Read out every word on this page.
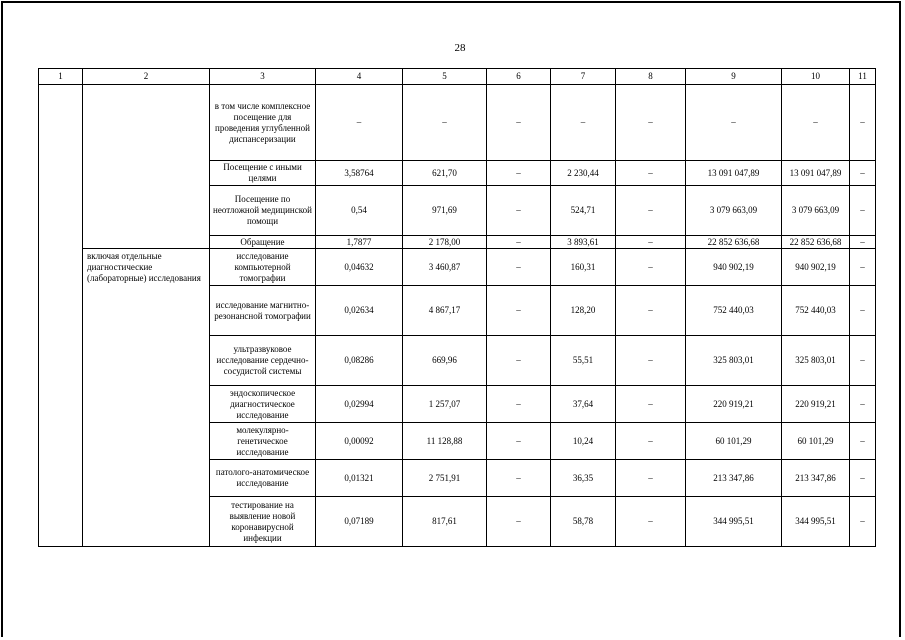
28
1	2	3	4	5	6	7	8	9	10	11
		в том числе комплексное посещение для проведения углубленной диспансеризации	–	–	–	–	–	–	–	–
		Посещение с иными целями	3,58764	621,70	–	2 230,44	–	13 091 047,89	13 091 047,89	–
		Посещение по неотложной медицинской помощи	0,54	971,69	–	524,71	–	3 079 663,09	3 079 663,09	–
		Обращение	1,7877	2 178,00	–	3 893,61	–	22 852 636,68	22 852 636,68	–
	включая отдельные диагностические (лабораторные) исследования	исследование компьютерной томографии	0,04632	3 460,87	–	160,31	–	940 902,19	940 902,19	–
		исследование магнитно-резонансной томографии	0,02634	4 867,17	–	128,20	–	752 440,03	752 440,03	–
		ультразвуковое исследование сердечно-сосудистой системы	0,08286	669,96	–	55,51	–	325 803,01	325 803,01	–
		эндоскопическое диагностическое исследование	0,02994	1 257,07	–	37,64	–	220 919,21	220 919,21	–
		молекулярно-генетическое исследование	0,00092	11 128,88	–	10,24	–	60 101,29	60 101,29	–
		патолого-анатомическое исследование	0,01321	2 751,91	–	36,35	–	213 347,86	213 347,86	–
		тестирование на выявление новой коронавирусной инфекции	0,07189	817,61	–	58,78	–	344 995,51	344 995,51	–
